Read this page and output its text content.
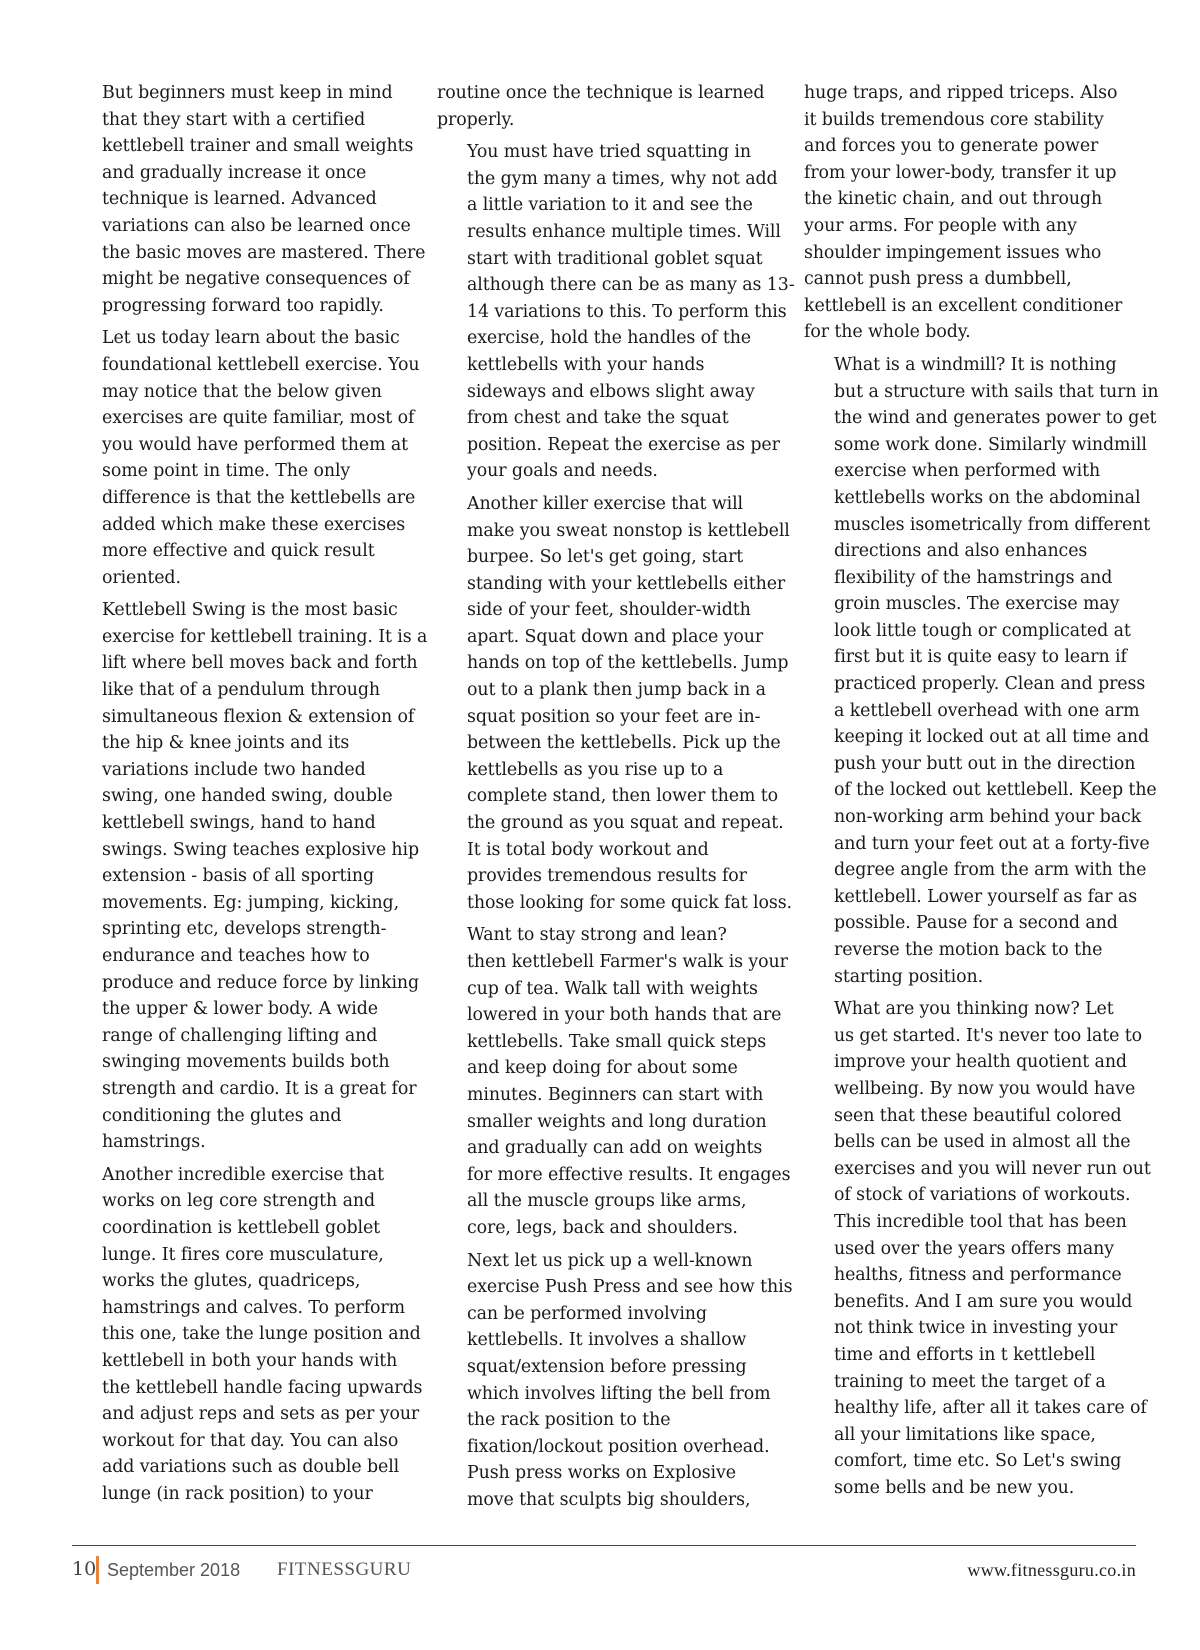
But beginners must keep in mind
that they start with a certified
kettlebell trainer and small weights
and gradually increase it once
technique is learned. Advanced
variations can also be learned once
the basic moves are mastered. There
might be negative consequences of
progressing forward too rapidly.

Let us today learn about the basic
foundational kettlebell exercise. You
may notice that the below given
exercises are quite familiar, most of
you would have performed them at
some point in time. The only
difference is that the kettlebells are
added which make these exercises
more effective and quick result
oriented.

Kettlebell Swing is the most basic
exercise for kettlebell training. It is a
lift where bell moves back and forth
like that of a pendulum through
simultaneous flexion & extension of
the hip & knee joints and its
variations include two handed
swing, one handed swing, double
kettlebell swings, hand to hand
swings. Swing teaches explosive hip
extension - basis of all sporting
movements. Eg: jumping, kicking,
sprinting etc, develops strength-
endurance and teaches how to
produce and reduce force by linking
the upper & lower body. A wide
range of challenging lifting and
swinging movements builds both
strength and cardio. It is a great for
conditioning the glutes and
hamstrings.

Another incredible exercise that
works on leg core strength and
coordination is kettlebell goblet
lunge. It fires core musculature,
works the glutes, quadriceps,
hamstrings and calves. To perform
this one, take the lunge position and
kettlebell in both your hands with
the kettlebell handle facing upwards
and adjust reps and sets as per your
workout for that day. You can also
add variations such as double bell
lunge (in rack position) to your

routine once the technique is learned
properly.

You must have tried squatting in
the gym many a times, why not add
a little variation to it and see the
results enhance multiple times. Will
start with traditional goblet squat
although there can be as many as 13-
14 variations to this. To perform this
exercise, hold the handles of the
kettlebells with your hands
sideways and elbows slight away
from chest and take the squat
position. Repeat the exercise as per
your goals and needs.

Another killer exercise that will
make you sweat nonstop is kettlebell
burpee. So let's get going, start
standing with your kettlebells either
side of your feet, shoulder-width
apart. Squat down and place your
hands on top of the kettlebells. Jump
out to a plank then jump back in a
squat position so your feet are in-
between the kettlebells. Pick up the
kettlebells as you rise up to a
complete stand, then lower them to
the ground as you squat and repeat.
It is total body workout and
provides tremendous results for
those looking for some quick fat loss.

Want to stay strong and lean?
then kettlebell Farmer's walk is your
cup of tea. Walk tall with weights
lowered in your both hands that are
kettlebells. Take small quick steps
and keep doing for about some
minutes. Beginners can start with
smaller weights and long duration
and gradually can add on weights
for more effective results. It engages
all the muscle groups like arms,
core, legs, back and shoulders.

Next let us pick up a well-known
exercise Push Press and see how this
can be performed involving
kettlebells. It involves a shallow
squat/extension before pressing
which involves lifting the bell from
the rack position to the
fixation/lockout position overhead.
Push press works on Explosive
move that sculpts big shoulders,

huge traps, and ripped triceps. Also
it builds tremendous core stability
and forces you to generate power
from your lower-body, transfer it up
the kinetic chain, and out through
your arms. For people with any
shoulder impingement issues who
cannot push press a dumbbell,
kettlebell is an excellent conditioner
for the whole body.

What is a windmill? It is nothing
but a structure with sails that turn in
the wind and generates power to get
some work done. Similarly windmill
exercise when performed with
kettlebells works on the abdominal
muscles isometrically from different
directions and also enhances
flexibility of the hamstrings and
groin muscles. The exercise may
look little tough or complicated at
first but it is quite easy to learn if
practiced properly. Clean and press
a kettlebell overhead with one arm
keeping it locked out at all time and
push your butt out in the direction
of the locked out kettlebell. Keep the
non-working arm behind your back
and turn your feet out at a forty-five
degree angle from the arm with the
kettlebell. Lower yourself as far as
possible. Pause for a second and
reverse the motion back to the
starting position.

What are you thinking now? Let
us get started. It's never too late to
improve your health quotient and
wellbeing. By now you would have
seen that these beautiful colored
bells can be used in almost all the
exercises and you will never run out
of stock of variations of workouts.
This incredible tool that has been
used over the years offers many
healths, fitness and performance
benefits. And I am sure you would
not think twice in investing your
time and efforts in t kettlebell
training to meet the target of a
healthy life, after all it takes care of
all your limitations like space,
comfort, time etc. So Let's swing
some bells and be new you.

10 September 2018 FITNESSGURU	www.fitnessguru.co.in
